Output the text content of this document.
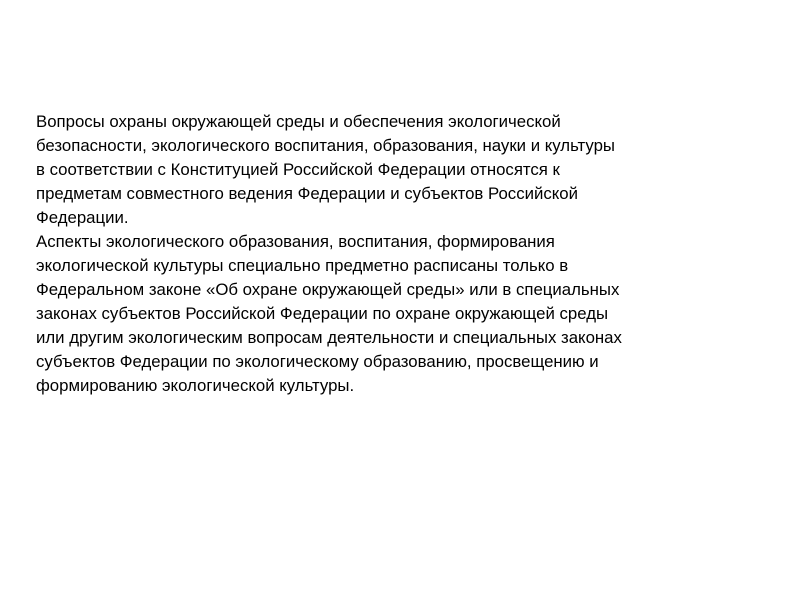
Вопросы охраны окружающей среды и обеспечения экологической
безопасности, экологического воспитания, образования, науки и культуры
в соответствии с Конституцией Российской Федерации относятся к
предметам совместного ведения Федерации и субъектов Российской
Федерации.

Аспекты экологического образования, воспитания, формирования
экологической культуры специально предметно расписаны только в
Федеральном законе «Об охране окружающей среды» или в специальных
законах субъектов Российской Федерации по охране окружающей среды
или другим экологическим вопросам деятельности и специальных законах
субъектов Федерации по экологическому образованию, просвещению и
формированию экологической культуры.
